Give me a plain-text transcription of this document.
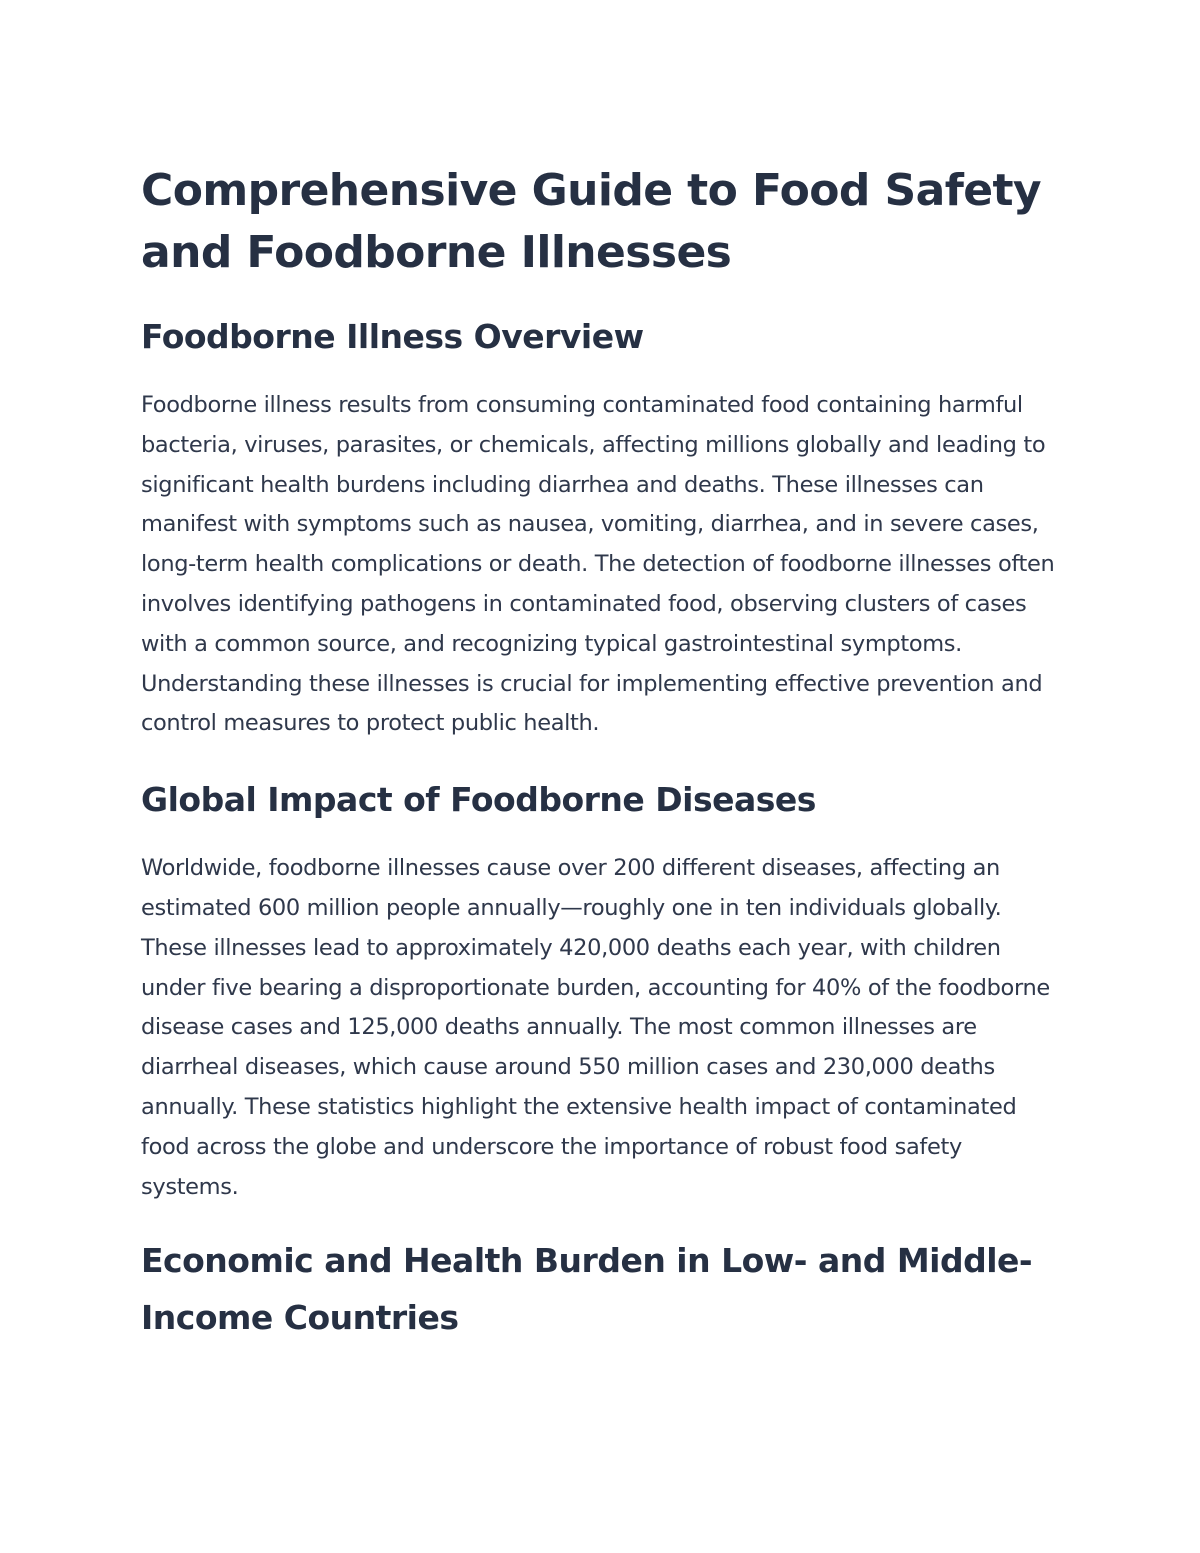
Comprehensive Guide to Food Safety and Foodborne Illnesses
Foodborne Illness Overview

Foodborne illness results from consuming contaminated food containing harmful bacteria, viruses, parasites, or chemicals, affecting millions globally and leading to significant health burdens including diarrhea and deaths. These illnesses can manifest with symptoms such as nausea, vomiting, diarrhea, and in severe cases, long-term health complications or death. The detection of foodborne illnesses often involves identifying pathogens in contaminated food, observing clusters of cases with a common source, and recognizing typical gastrointestinal symptoms. Understanding these illnesses is crucial for implementing effective prevention and control measures to protect public health.

Global Impact of Foodborne Diseases

Worldwide, foodborne illnesses cause over 200 different diseases, affecting an estimated 600 million people annually—roughly one in ten individuals globally. These illnesses lead to approximately 420,000 deaths each year, with children under five bearing a disproportionate burden, accounting for 40% of the foodborne disease cases and 125,000 deaths annually. The most common illnesses are diarrheal diseases, which cause around 550 million cases and 230,000 deaths annually. These statistics highlight the extensive health impact of contaminated food across the globe and underscore the importance of robust food safety systems.

Economic and Health Burden in Low- and Middle-Income Countries
